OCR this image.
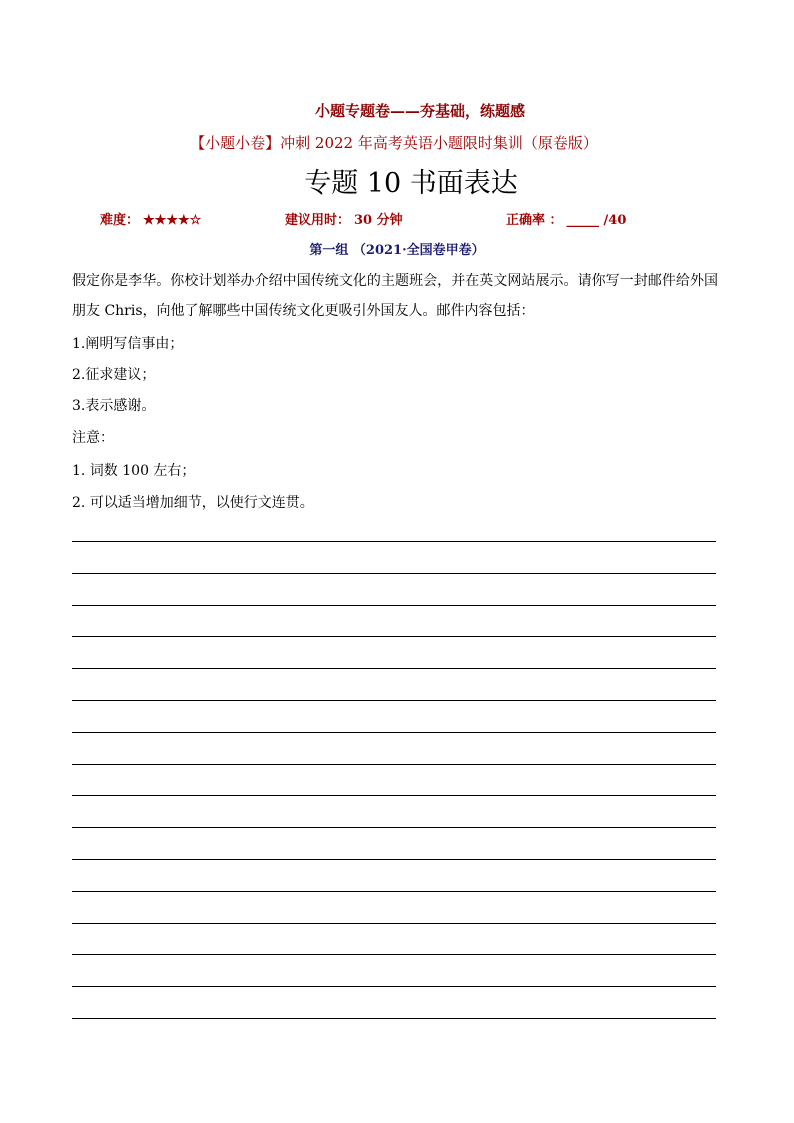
小题专题卷——夯基础，练题感
【小题小卷】冲刺 2022 年高考英语小题限时集训（原卷版）
专题 10 书面表达
难度： ★★★★☆	建议用时： 30 分钟	正确率 ： _____ /40
第一组 （2021·全国卷甲卷）

假定你是李华。你校计划举办介绍中国传统文化的主题班会，并在英文网站展示。请你写一封邮件给外国朋友 Chris，向他了解哪些中国传统文化更吸引外国友人。邮件内容包括：

1.阐明写信事由；
2.征求建议；
3.表示感谢。
注意：
1. 词数 100 左右；
2. 可以适当增加细节，以使行文连贯。
